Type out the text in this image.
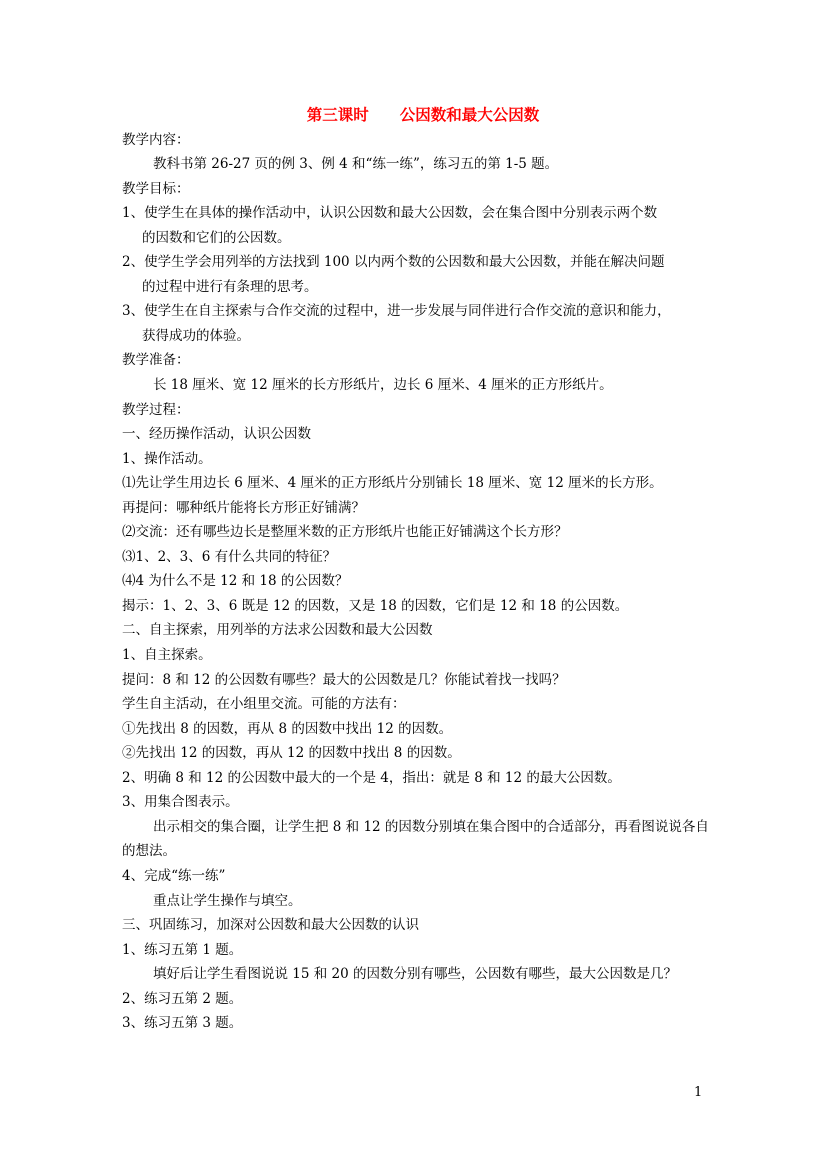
第三课时　　公因数和最大公因数
教学内容：
教科书第 26-27 页的例 3、例 4 和“练一练”，练习五的第 1-5 题。
教学目标：
1、使学生在具体的操作活动中，认识公因数和最大公因数，会在集合图中分别表示两个数
的因数和它们的公因数。
2、使学生学会用列举的方法找到 100 以内两个数的公因数和最大公因数，并能在解决问题
的过程中进行有条理的思考。
3、使学生在自主探索与合作交流的过程中，进一步发展与同伴进行合作交流的意识和能力，
获得成功的体验。
教学准备：
长 18 厘米、宽 12 厘米的长方形纸片，边长 6 厘米、4 厘米的正方形纸片。
教学过程：
一、经历操作活动，认识公因数
1、操作活动。
⑴先让学生用边长 6 厘米、4 厘米的正方形纸片分别铺长 18 厘米、宽 12 厘米的长方形。
再提问：哪种纸片能将长方形正好铺满？
⑵交流：还有哪些边长是整厘米数的正方形纸片也能正好铺满这个长方形？
⑶1、2、3、6 有什么共同的特征？
⑷4 为什么不是 12 和 18 的公因数？
揭示：1、2、3、6 既是 12 的因数，又是 18 的因数，它们是 12 和 18 的公因数。
二、自主探索，用列举的方法求公因数和最大公因数
1、自主探索。
提问：8 和 12 的公因数有哪些？最大的公因数是几？你能试着找一找吗？
学生自主活动，在小组里交流。可能的方法有：
①先找出 8 的因数，再从 8 的因数中找出 12 的因数。
②先找出 12 的因数，再从 12 的因数中找出 8 的因数。
2、明确 8 和 12 的公因数中最大的一个是 4，指出：就是 8 和 12 的最大公因数。
3、用集合图表示。
出示相交的集合圈，让学生把 8 和 12 的因数分别填在集合图中的合适部分，再看图说说各自的想法。
4、完成“练一练”
重点让学生操作与填空。
三、巩固练习，加深对公因数和最大公因数的认识
1、练习五第 1 题。
填好后让学生看图说说 15 和 20 的因数分别有哪些，公因数有哪些，最大公因数是几？
2、练习五第 2 题。
3、练习五第 3 题。
1
